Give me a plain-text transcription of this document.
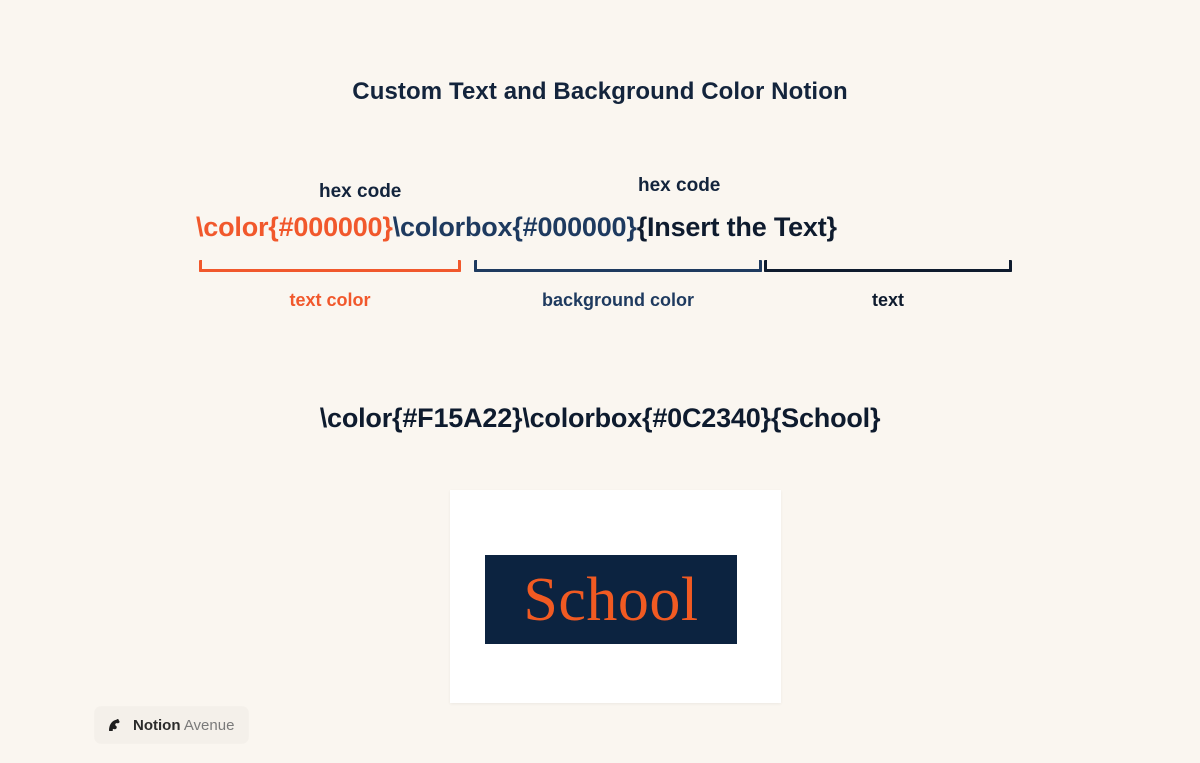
Custom Text and Background Color Notion
hex code	hex code
\color{#000000}\colorbox{#000000}{Insert the Text}
text color	background color	text
\color{#F15A22}\colorbox{#0C2340}{School}
School
Notion Avenue
